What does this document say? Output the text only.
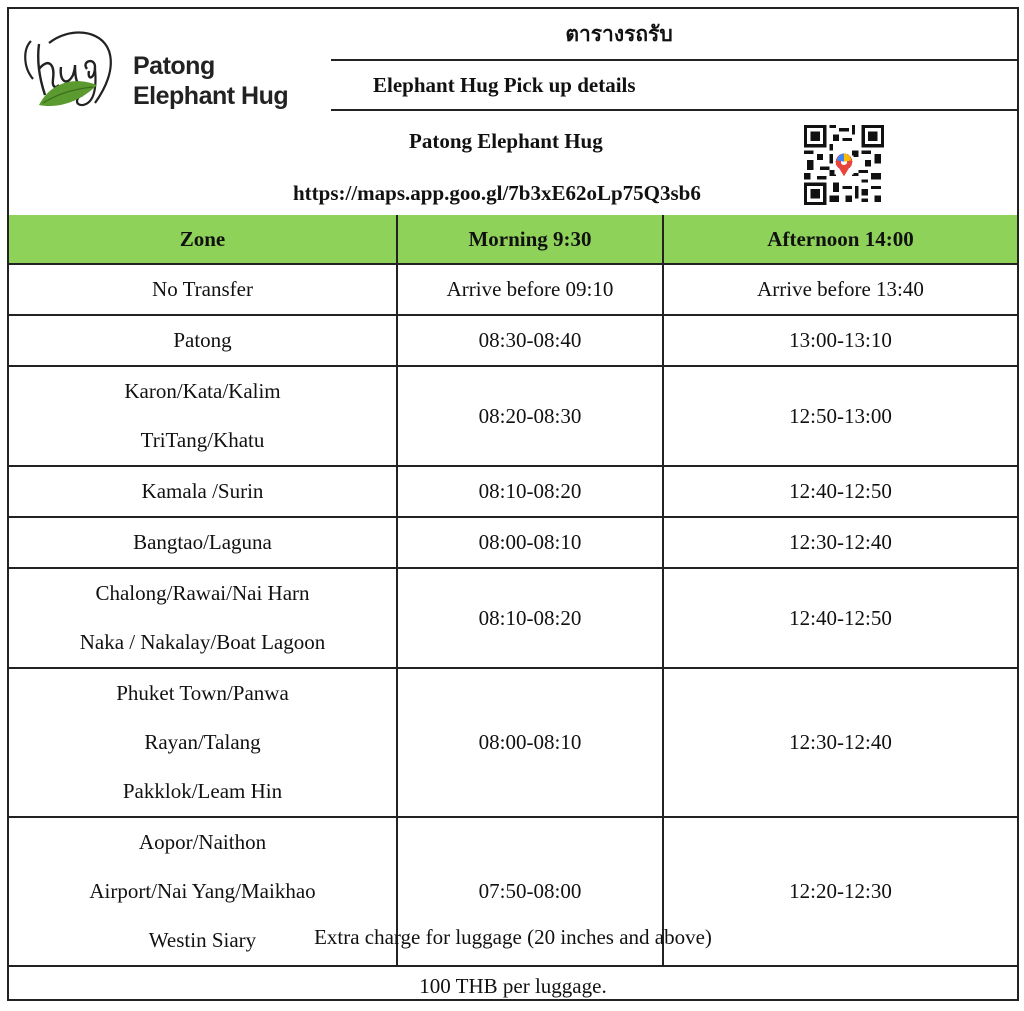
Patong
Elephant Hug
ตารางรถรับ
Elephant Hug Pick up details
Patong Elephant Hug
https://maps.app.goo.gl/7b3xE62oLp75Q3sb6
Zone	Morning 9:30	Afternoon 14:00

No Transfer	Arrive before 09:10	Arrive before 13:40

Patong	08:30-08:40	13:00-13:10

Karon/Kata/Kalim
TriTang/Khatu	08:20-08:30	12:50-13:00

Kamala /Surin	08:10-08:20	12:40-12:50

Bangtao/Laguna	08:00-08:10	12:30-12:40

Chalong/Rawai/Nai Harn
Naka / Nakalay/Boat Lagoon	08:10-08:20	12:40-12:50

Phuket Town/Panwa
Rayan/Talang
Pakklok/Leam Hin	08:00-08:10	12:30-12:40

Aopor/Naithon
Airport/Nai Yang/Maikhao
Westin Siary	07:50-08:00	12:20-12:30
Extra charge for luggage (20 inches and above)
100 THB per luggage.
